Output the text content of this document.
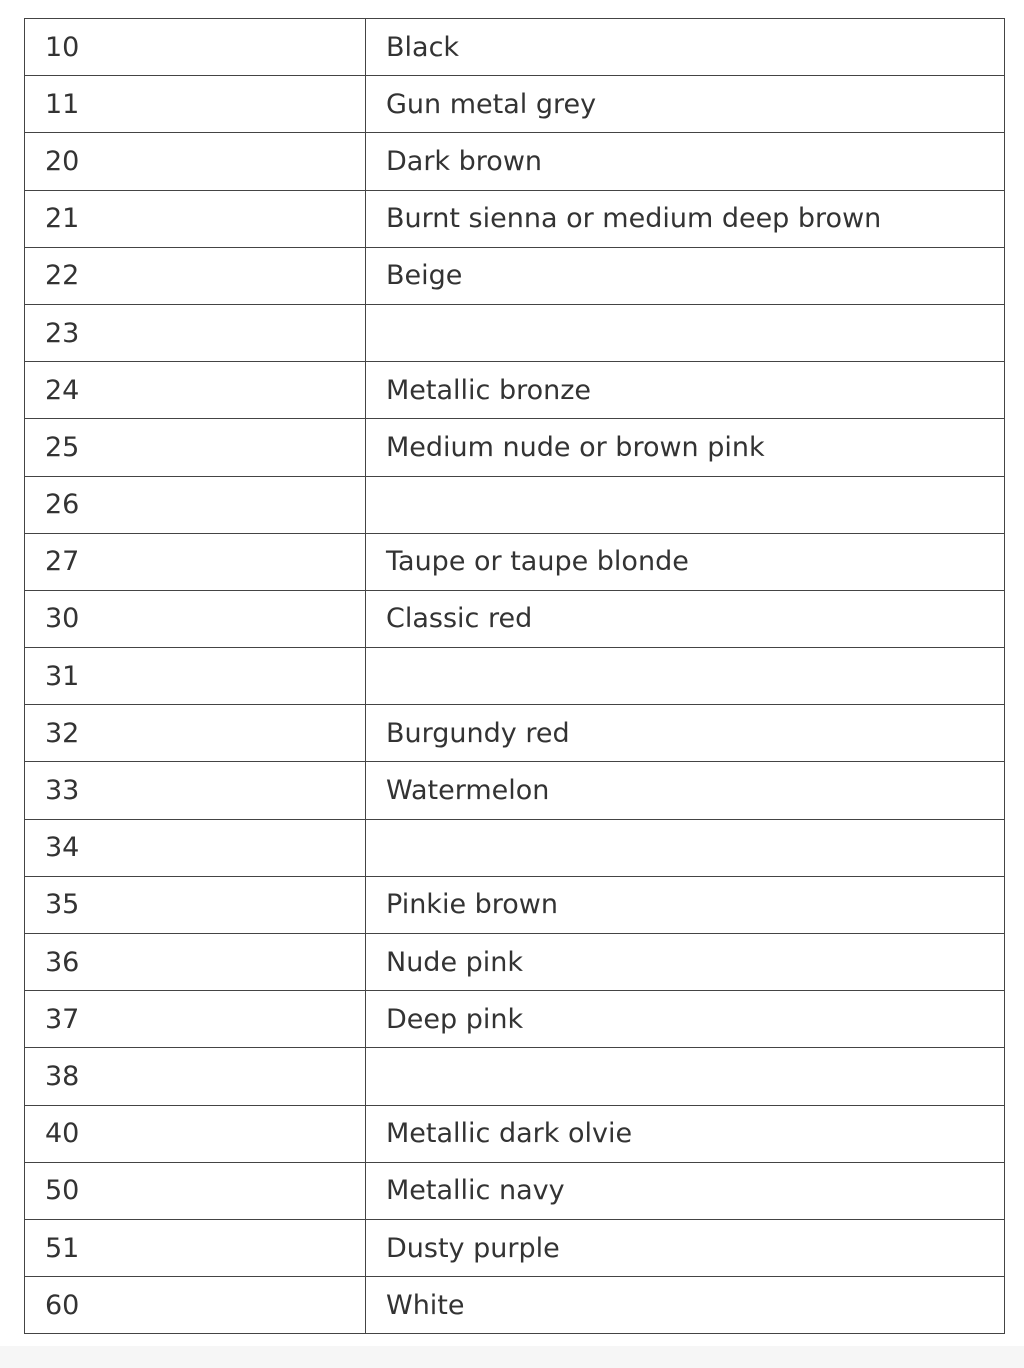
10	Black
11	Gun metal grey
20	Dark brown
21	Burnt sienna or medium deep brown
22	Beige
23	
24	Metallic bronze
25	Medium nude or brown pink
26	
27	Taupe or taupe blonde
30	Classic red
31	
32	Burgundy red
33	Watermelon
34	
35	Pinkie brown
36	Nude pink
37	Deep pink
38	
40	Metallic dark olvie
50	Metallic navy
51	Dusty purple
60	White
